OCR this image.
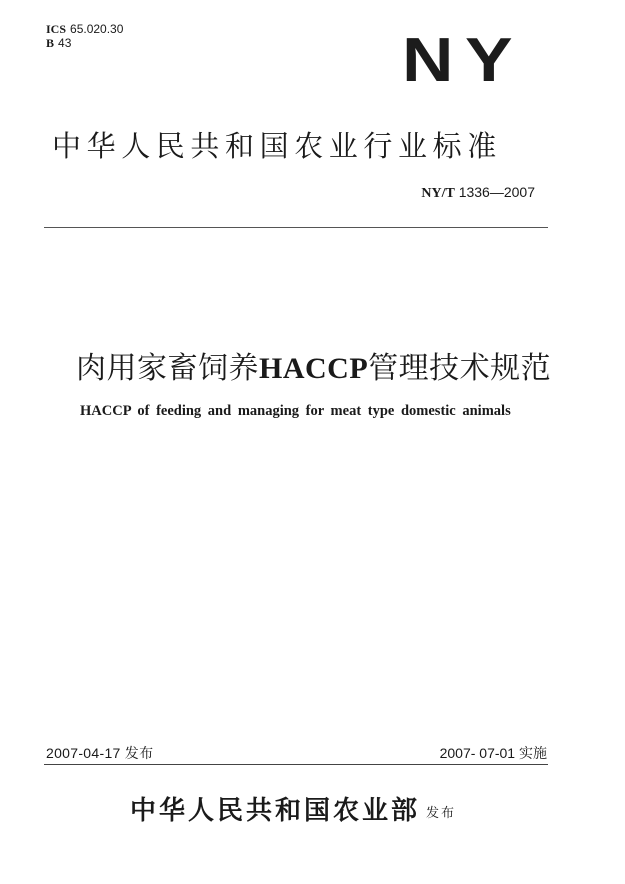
ICS 65.020.30
B 43	NY
中华人民共和国农业行业标准
NY/T 1336—2007
肉用家畜饲养HACCP管理技术规范
HACCP of feeding and managing for meat type domestic animals
2007-04-17 发布	2007- 07-01 实施
中华人民共和国农业部 发布
